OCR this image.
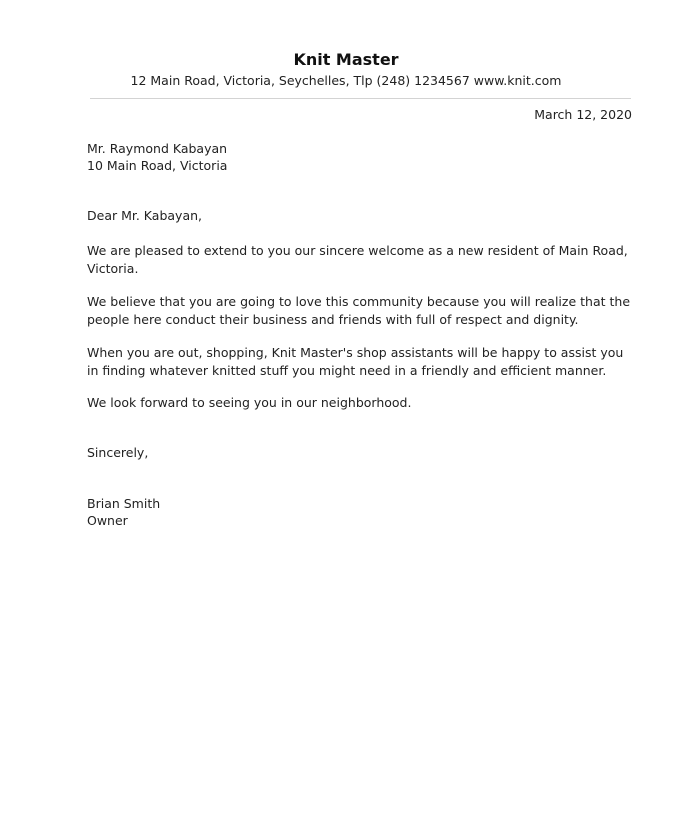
Knit Master
12 Main Road, Victoria, Seychelles, Tlp (248) 1234567 www.knit.com
March 12, 2020

Mr. Raymond Kabayan

10 Main Road, Victoria

Dear Mr. Kabayan,

We are pleased to extend to you our sincere welcome as a new resident of Main Road, Victoria.

We believe that you are going to love this community because you will realize that the people here conduct their business and friends with full of respect and dignity.

When you are out, shopping, Knit Master's shop assistants will be happy to assist you in finding whatever knitted stuff you might need in a friendly and efficient manner.

We look forward to seeing you in our neighborhood.

Sincerely,

Brian Smith

Owner
